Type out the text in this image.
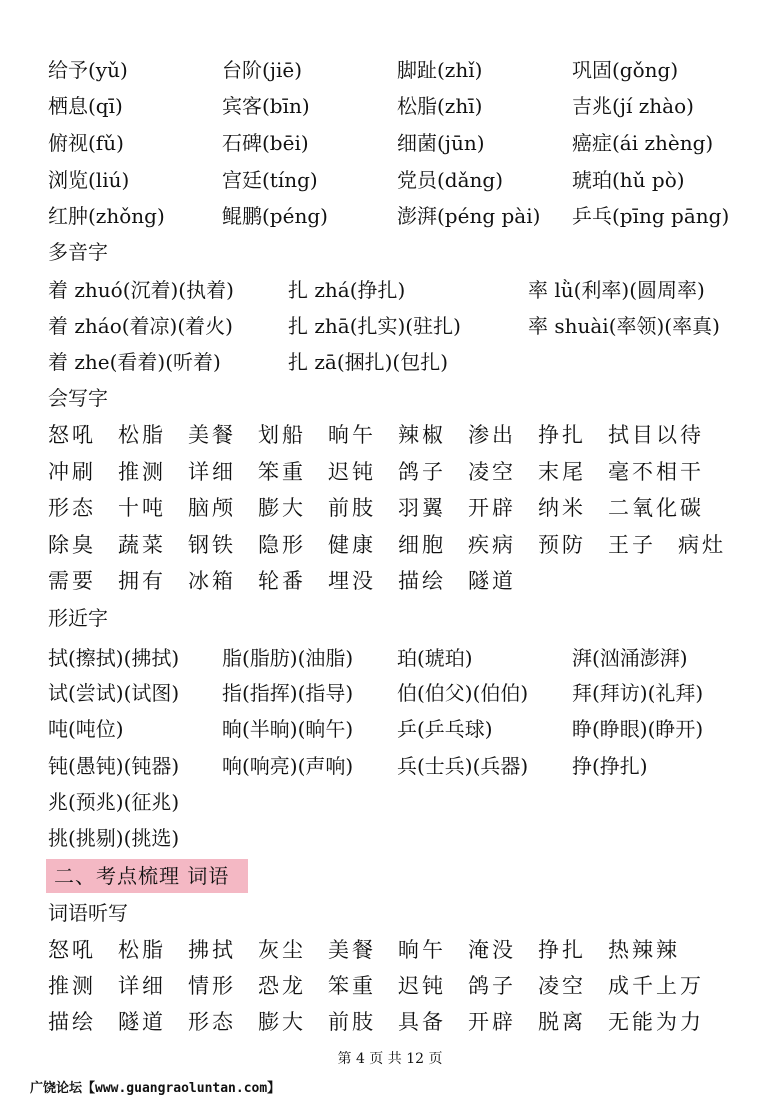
给予(yǔ)	台阶(jiē)	脚趾(zhǐ)	巩固(gǒng)
栖息(qī)	宾客(bīn)	松脂(zhī)	吉兆(jí zhào)
俯视(fǔ)	石碑(bēi)	细菌(jūn)	癌症(ái zhèng)
浏览(liú)	宫廷(tíng)	党员(dǎng)	琥珀(hǔ pò)
红肿(zhǒng)	鲲鹏(péng)	澎湃(péng pài) 乒乓(pīng pāng)
多音字
着 zhuó(沉着)(执着)	扎 zhá(挣扎)	率 lǜ(利率)(圆周率)
着 zháo(着凉)(着火)	扎 zhā(扎实)(驻扎)	率 shuài(率领)(率真)
着 zhe(看着)(听着)	扎 zā(捆扎)(包扎)
会写字
怒吼 松脂 美餐 划船 晌午 辣椒 渗出 挣扎 拭目以待
冲刷 推测 详细 笨重 迟钝 鸽子 凌空 末尾 毫不相干
形态 十吨 脑颅 膨大 前肢 羽翼 开辟 纳米 二氧化碳
除臭 蔬菜 钢铁 隐形 健康 细胞 疾病 预防 王子 病灶
需要 拥有 冰箱 轮番 埋没 描绘 隧道
形近字
拭(擦拭)(拂拭) 脂(脂肪)(油脂) 珀(琥珀)	湃(汹涌澎湃)
试(尝试)(试图) 指(指挥)(指导) 伯(伯父)(伯伯) 拜(拜访)(礼拜)
吨(吨位)	晌(半晌)(晌午) 乒(乒乓球)	睁(睁眼)(睁开)
钝(愚钝)(钝器) 响(响亮)(声响) 兵(士兵)(兵器) 挣(挣扎)
兆(预兆)(征兆)
挑(挑剔)(挑选)
二、考点梳理 词语
词语听写
怒吼 松脂 拂拭 灰尘 美餐 晌午 淹没 挣扎 热辣辣
推测 详细 情形 恐龙 笨重 迟钝 鸽子 凌空 成千上万
描绘 隧道 形态 膨大 前肢 具备 开辟 脱离 无能为力
第 4 页 共 12 页
广饶论坛【www.guangraoluntan.com】
